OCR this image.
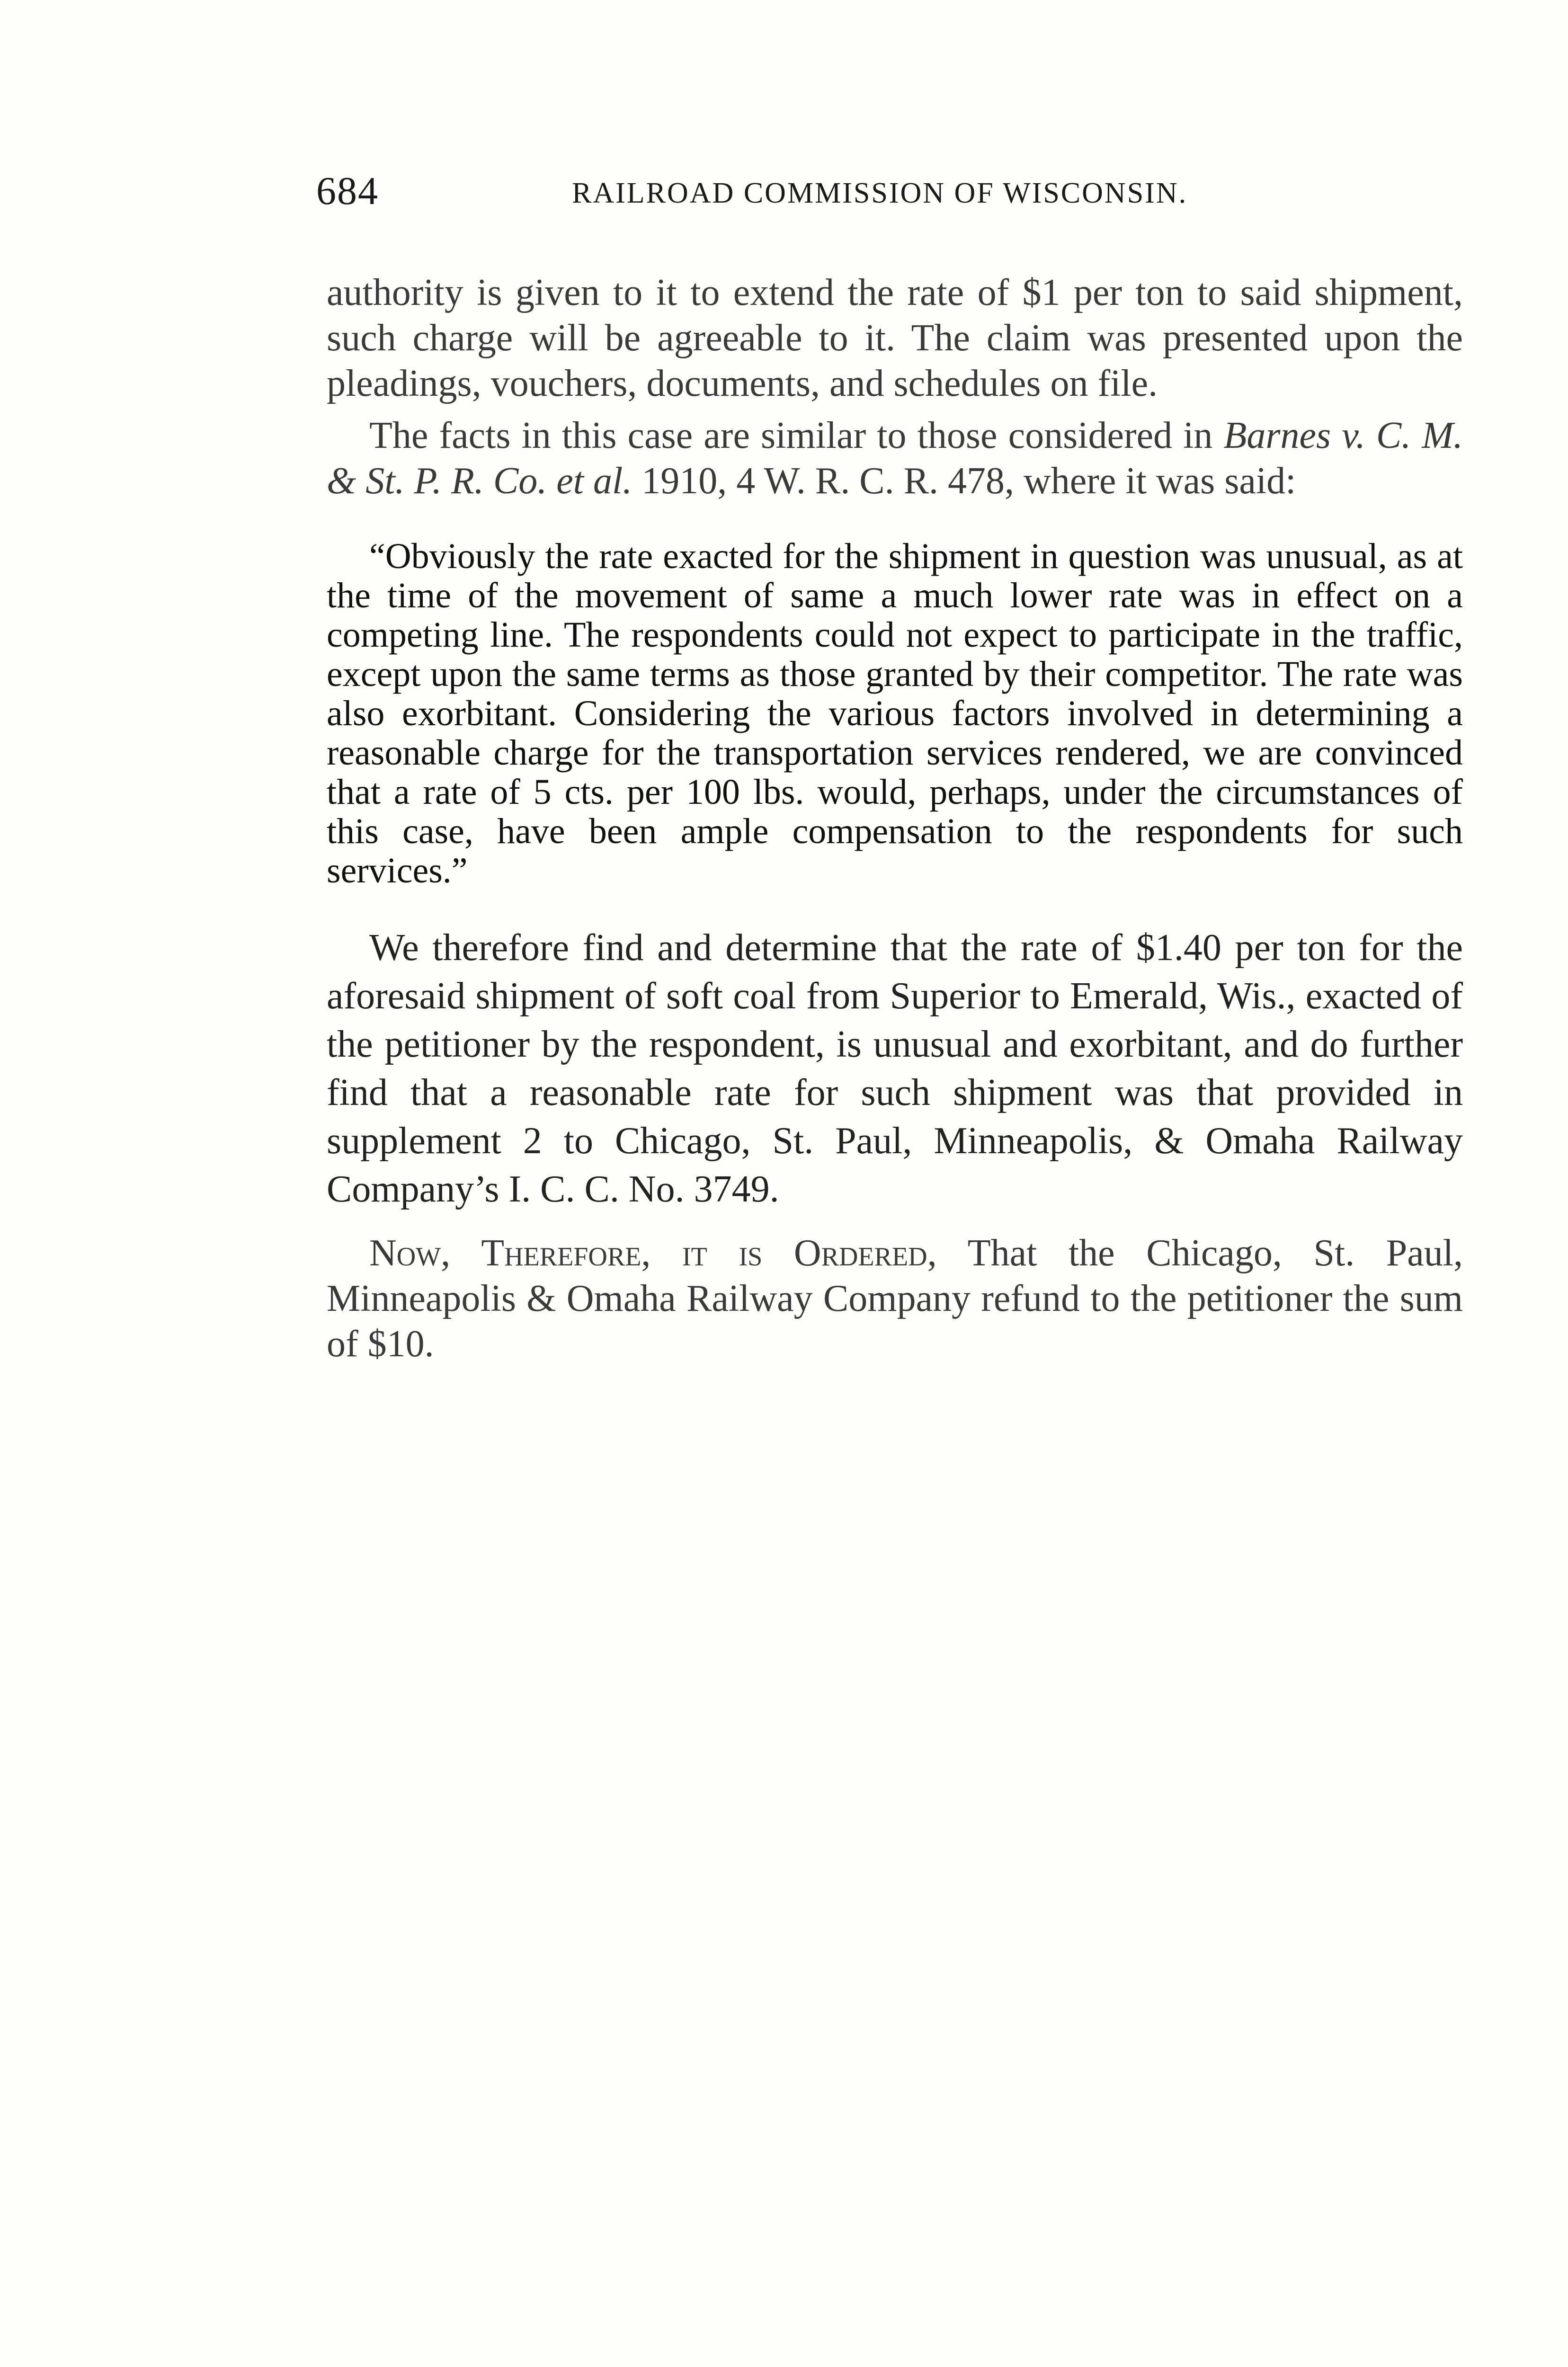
684	RAILROAD COMMISSION OF WISCONSIN.

authority is given to it to extend the rate of $1 per ton to said shipment, such charge will be agreeable to it. The claim was presented upon the pleadings, vouchers, documents, and schedules on file.

The facts in this case are similar to those considered in Barnes v. C. M. & St. P. R. Co. et al. 1910, 4 W. R. C. R. 478, where it was said:

“Obviously the rate exacted for the shipment in question was unusual, as at the time of the movement of same a much lower rate was in effect on a competing line. The respondents could not expect to participate in the traffic, except upon the same terms as those granted by their competitor. The rate was also exorbitant. Considering the various factors involved in determining a reasonable charge for the transportation services rendered, we are convinced that a rate of 5 cts. per 100 lbs. would, perhaps, under the circumstances of this case, have been ample compensation to the respondents for such services.”

We therefore find and determine that the rate of $1.40 per ton for the aforesaid shipment of soft coal from Superior to Emerald, Wis., exacted of the petitioner by the respondent, is unusual and exorbitant, and do further find that a reasonable rate for such shipment was that provided in supplement 2 to Chicago, St. Paul, Minneapolis, & Omaha Railway Company’s I. C. C. No. 3749.

Now, Therefore, it is Ordered, That the Chicago, St. Paul, Minneapolis & Omaha Railway Company refund to the petitioner the sum of $10.
